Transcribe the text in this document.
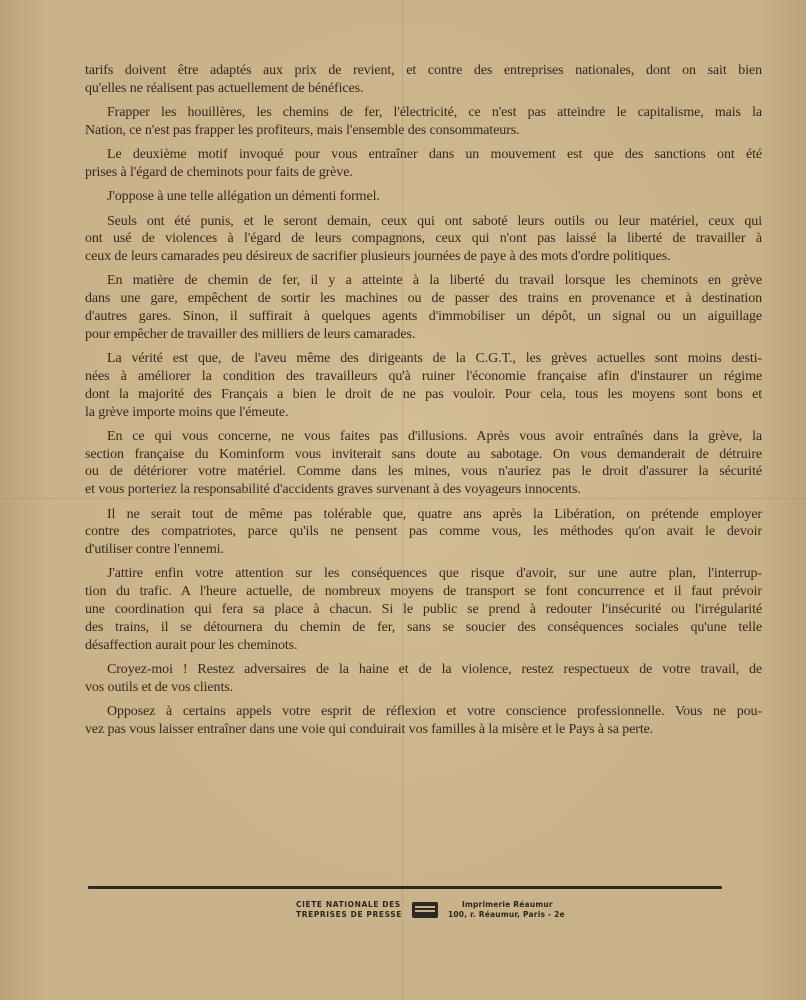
tarifs doivent être adaptés aux prix de revient, et contre des entreprises nationales, dont on sait bien
qu'elles ne réalisent pas actuellement de bénéfices.
Frapper les houillères, les chemins de fer, l'électricité, ce n'est pas atteindre le capitalisme, mais la
Nation, ce n'est pas frapper les profiteurs, mais l'ensemble des consommateurs.
Le deuxième motif invoqué pour vous entraîner dans un mouvement est que des sanctions ont été
prises à l'égard de cheminots pour faits de grève.
J'oppose à une telle allégation un démenti formel.
Seuls ont été punis, et le seront demain, ceux qui ont saboté leurs outils ou leur matériel, ceux qui
ont usé de violences à l'égard de leurs compagnons, ceux qui n'ont pas laissé la liberté de travailler à
ceux de leurs camarades peu désireux de sacrifier plusieurs journées de paye à des mots d'ordre politiques.
En matière de chemin de fer, il y a atteinte à la liberté du travail lorsque les cheminots en grève
dans une gare, empêchent de sortir les machines ou de passer des trains en provenance et à destination
d'autres gares. Sinon, il suffirait à quelques agents d'immobiliser un dépôt, un signal ou un aiguillage
pour empêcher de travailler des milliers de leurs camarades.
La vérité est que, de l'aveu même des dirigeants de la C.G.T., les grèves actuelles sont moins desti-
nées à améliorer la condition des travailleurs qu'à ruiner l'économie française afin d'instaurer un régime
dont la majorité des Français a bien le droit de ne pas vouloir. Pour cela, tous les moyens sont bons et
la grève importe moins que l'émeute.
En ce qui vous concerne, ne vous faites pas d'illusions. Après vous avoir entraînés dans la grève, la
section française du Kominform vous inviterait sans doute au sabotage. On vous demanderait de détruire
ou de détériorer votre matériel. Comme dans les mines, vous n'auriez pas le droit d'assurer la sécurité
et vous porteriez la responsabilité d'accidents graves survenant à des voyageurs innocents.
Il ne serait tout de même pas tolérable que, quatre ans après la Libération, on prétende employer
contre des compatriotes, parce qu'ils ne pensent pas comme vous, les méthodes qu'on avait le devoir
d'utiliser contre l'ennemi.
J'attire enfin votre attention sur les conséquences que risque d'avoir, sur une autre plan, l'interrup-
tion du trafic. A l'heure actuelle, de nombreux moyens de transport se font concurrence et il faut prévoir
une coordination qui fera sa place à chacun. Si le public se prend à redouter l'insécurité ou l'irrégularité
des trains, il se détournera du chemin de fer, sans se soucier des conséquences sociales qu'une telle
désaffection aurait pour les cheminots.
Croyez-moi ! Restez adversaires de la haine et de la violence, restez respectueux de votre travail, de
vos outils et de vos clients.
Opposez à certains appels votre esprit de réflexion et votre conscience professionnelle. Vous ne pou-
vez pas vous laisser entraîner dans une voie qui conduirait vos familles à la misère et le Pays à sa perte.
CIETE NATIONALE DES
TREPRISES DE PRESSE
Imprimerie Réaumur
100, r. Réaumur, Paris - 2e
